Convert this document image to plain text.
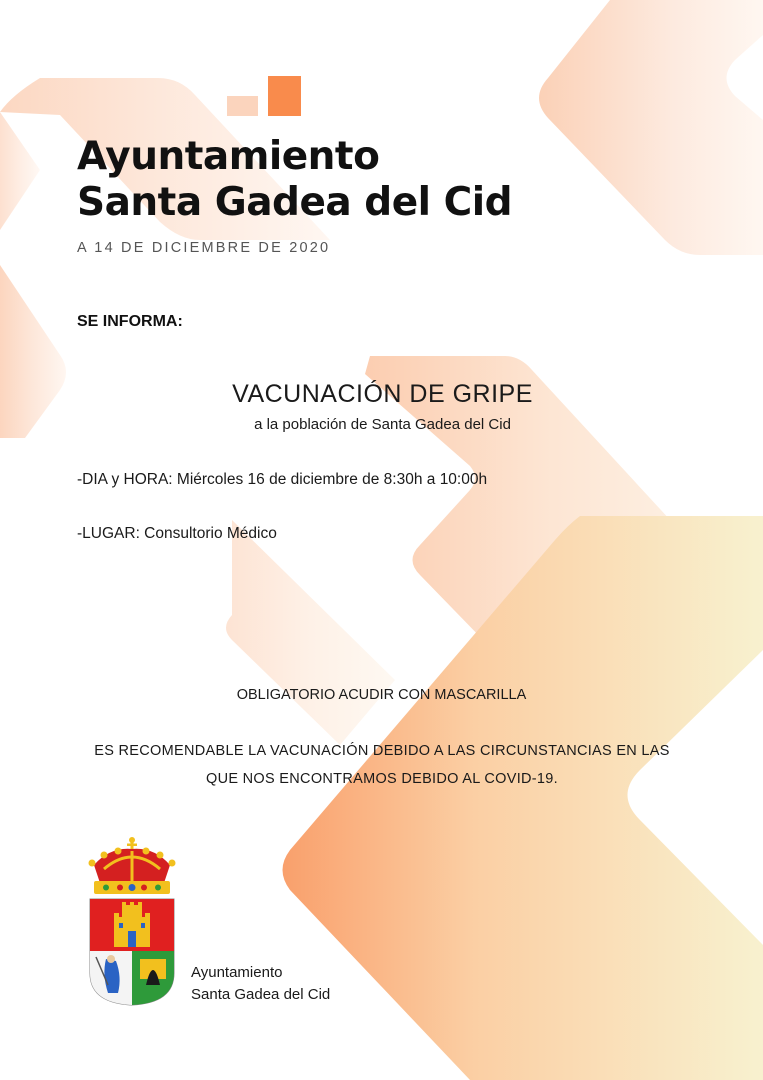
Ayuntamiento
Santa Gadea del Cid
A 14 DE DICIEMBRE DE 2020
SE INFORMA:
VACUNACIÓN DE GRIPE
a la población de Santa Gadea del Cid
-DIA y HORA: Miércoles 16 de diciembre de 8:30h a 10:00h
-LUGAR: Consultorio Médico
OBLIGATORIO ACUDIR CON MASCARILLA
ES RECOMENDABLE LA VACUNACIÓN DEBIDO A LAS CIRCUNSTANCIAS EN LAS QUE NOS ENCONTRAMOS DEBIDO AL COVID-19.
Ayuntamiento
Santa Gadea del Cid
